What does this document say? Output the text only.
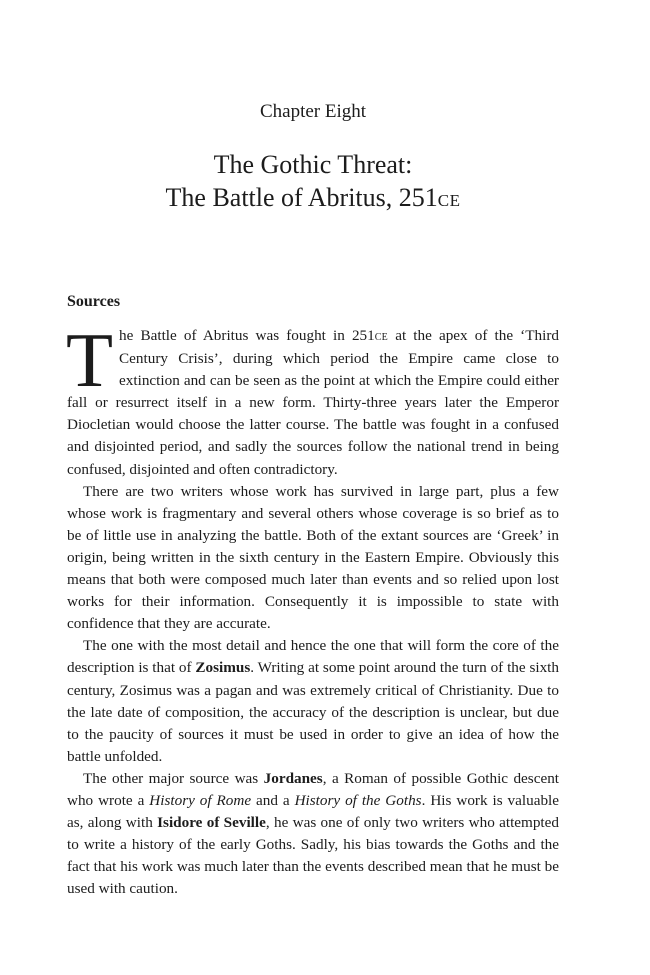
Chapter Eight
The Gothic Threat:
The Battle of Abritus, 251ce
Sources

The Battle of Abritus was fought in 251ce at the apex of the ‘Third Century Crisis’, during which period the Empire came close to extinction and can be seen as the point at which the Empire could either fall or resurrect itself in a new form. Thirty-three years later the Emperor Diocletian would choose the latter course. The battle was fought in a confused and disjointed period, and sadly the sources follow the national trend in being confused, disjointed and often contradictory.

There are two writers whose work has survived in large part, plus a few whose work is fragmentary and several others whose coverage is so brief as to be of little use in analyzing the battle. Both of the extant sources are ‘Greek’ in origin, being written in the sixth century in the Eastern Empire. Obviously this means that both were composed much later than events and so relied upon lost works for their information. Consequently it is impossible to state with confidence that they are accurate.

The one with the most detail and hence the one that will form the core of the description is that of Zosimus. Writing at some point around the turn of the sixth century, Zosimus was a pagan and was extremely critical of Christianity. Due to the late date of composition, the accuracy of the description is unclear, but due to the paucity of sources it must be used in order to give an idea of how the battle unfolded.

The other major source was Jordanes, a Roman of possible Gothic descent who wrote a History of Rome and a History of the Goths. His work is valuable as, along with Isidore of Seville, he was one of only two writers who attempted to write a history of the early Goths. Sadly, his bias towards the Goths and the fact that his work was much later than the events described mean that he must be used with caution.
